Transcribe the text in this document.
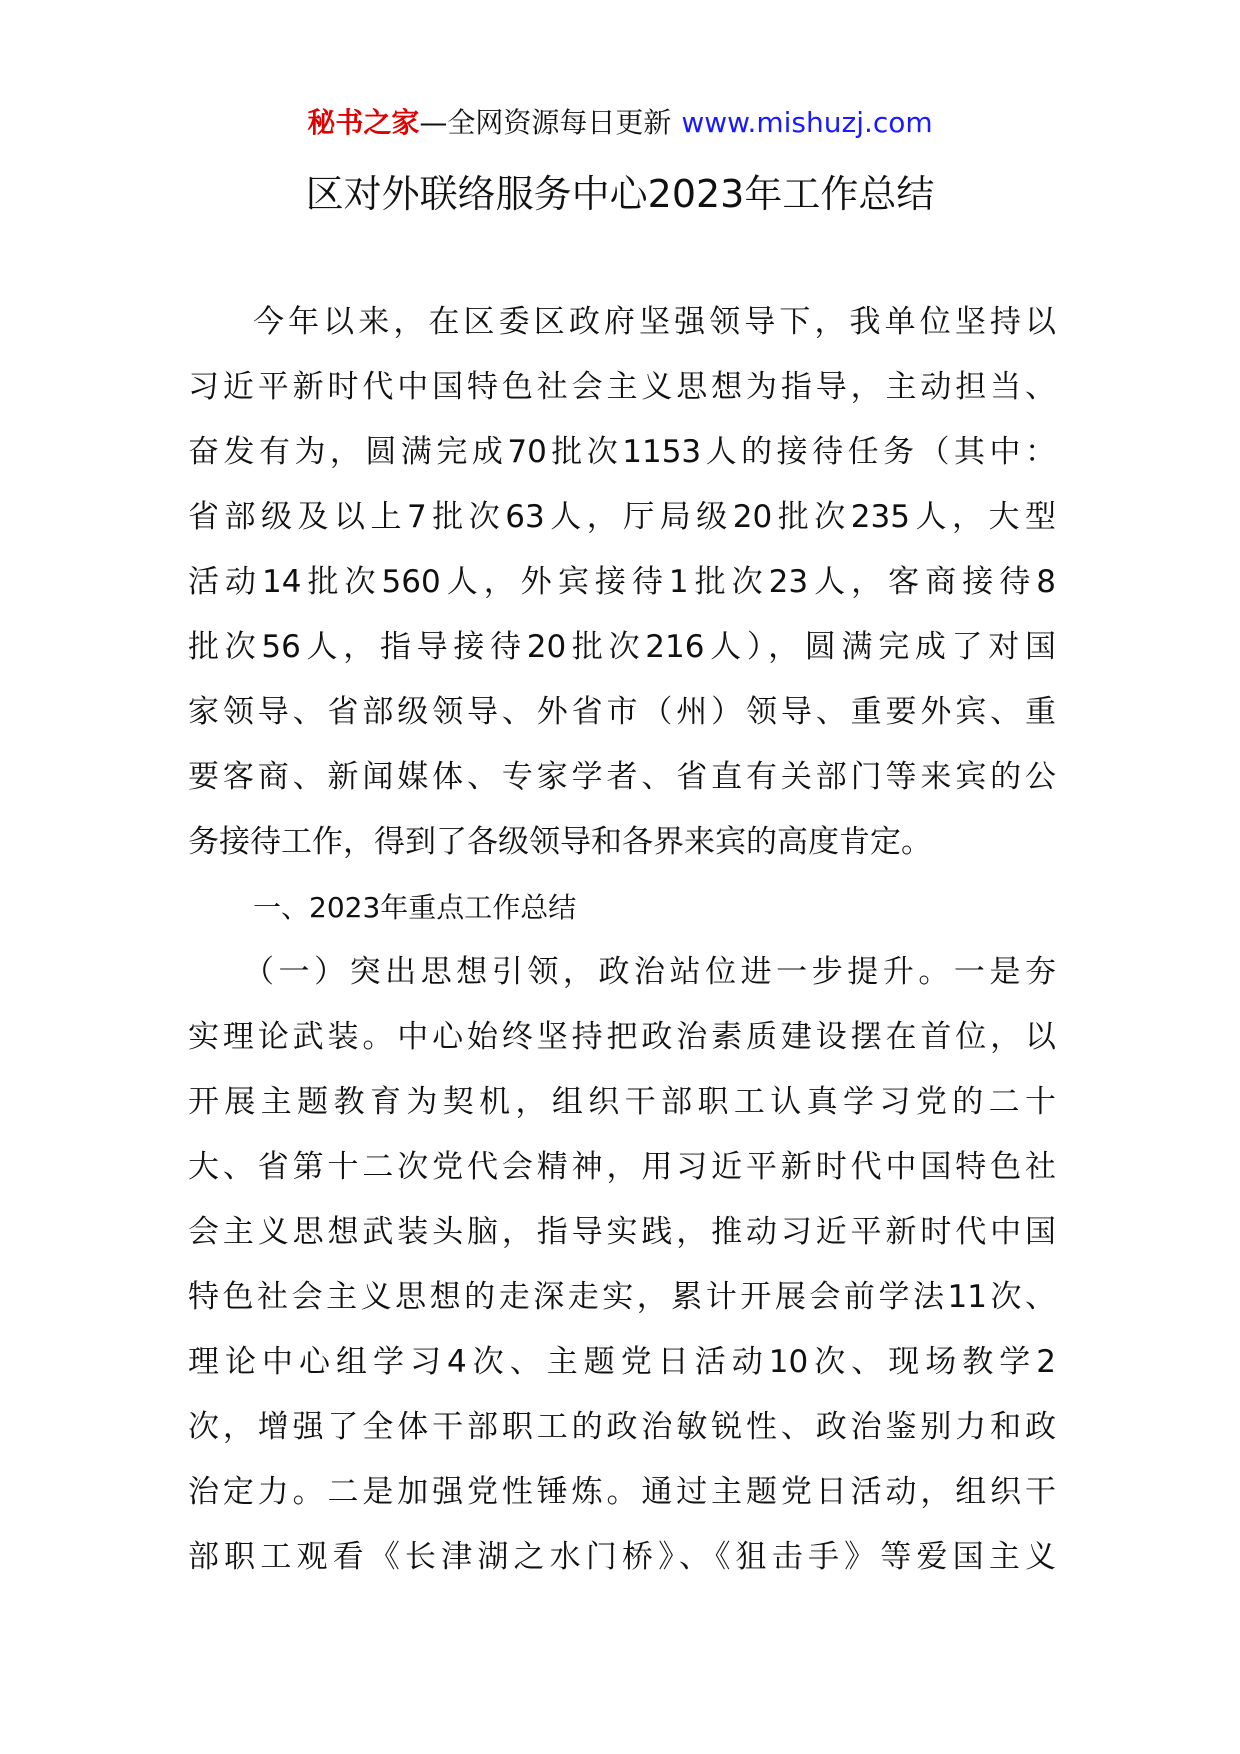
秘书之家—全网资源每日更新 www.mishuzj.com
区对外联络服务中心2023年工作总结
今年以来，在区委区政府坚强领导下，我单位坚持以
习近平新时代中国特色社会主义思想为指导，主动担当、
奋发有为，圆满完成70批次1153人的接待任务（其中：
省部级及以上7批次63人，厅局级20批次235人，大型
活动14批次560人，外宾接待1批次23人，客商接待8
批次56人，指导接待20批次216人），圆满完成了对国
家领导、省部级领导、外省市（州）领导、重要外宾、重
要客商、新闻媒体、专家学者、省直有关部门等来宾的公
务接待工作，得到了各级领导和各界来宾的高度肯定。
一、2023年重点工作总结
（一）突出思想引领，政治站位进一步提升。一是夯
实理论武装。中心始终坚持把政治素质建设摆在首位，以
开展主题教育为契机，组织干部职工认真学习党的二十
大、省第十二次党代会精神，用习近平新时代中国特色社
会主义思想武装头脑，指导实践，推动习近平新时代中国
特色社会主义思想的走深走实，累计开展会前学法11次、
理论中心组学习4次、主题党日活动10次、现场教学2
次，增强了全体干部职工的政治敏锐性、政治鉴别力和政
治定力。二是加强党性锤炼。通过主题党日活动，组织干
部职工观看《长津湖之水门桥》、《狙击手》等爱国主义
